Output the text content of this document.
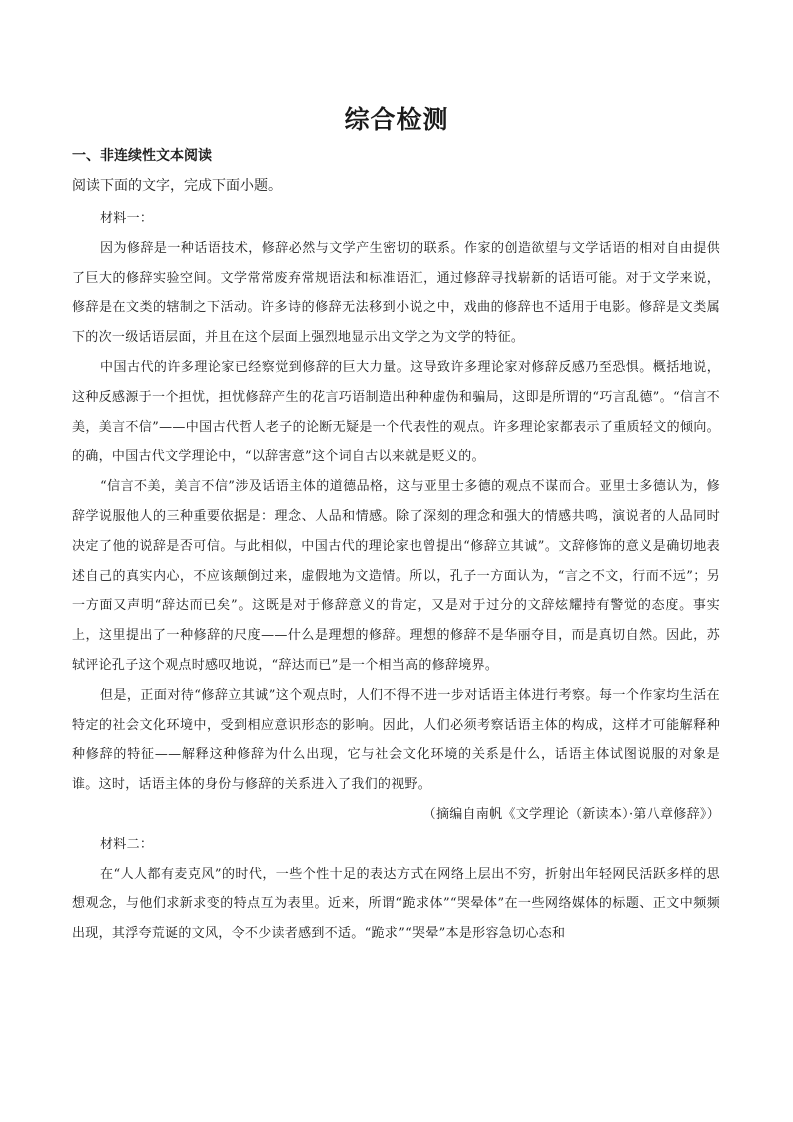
综合检测
一、非连续性文本阅读
阅读下面的文字，完成下面小题。

材料一：

因为修辞是一种话语技术，修辞必然与文学产生密切的联系。作家的创造欲望与文学话语的相对自由提供了巨大的修辞实验空间。文学常常废弃常规语法和标准语汇，通过修辞寻找崭新的话语可能。对于文学来说，修辞是在文类的辖制之下活动。许多诗的修辞无法移到小说之中，戏曲的修辞也不适用于电影。修辞是文类属下的次一级话语层面，并且在这个层面上强烈地显示出文学之为文学的特征。

中国古代的许多理论家已经察觉到修辞的巨大力量。这导致许多理论家对修辞反感乃至恐惧。概括地说，这种反感源于一个担忧，担忧修辞产生的花言巧语制造出种种虚伪和骗局，这即是所谓的“巧言乱德”。“信言不美，美言不信”——中国古代哲人老子的论断无疑是一个代表性的观点。许多理论家都表示了重质轻文的倾向。的确，中国古代文学理论中，“以辞害意”这个词自古以来就是贬义的。

“信言不美，美言不信”涉及话语主体的道德品格，这与亚里士多德的观点不谋而合。亚里士多德认为，修辞学说服他人的三种重要依据是：理念、人品和情感。除了深刻的理念和强大的情感共鸣，演说者的人品同时决定了他的说辞是否可信。与此相似，中国古代的理论家也曾提出“修辞立其诚”。文辞修饰的意义是确切地表述自己的真实内心，不应该颠倒过来，虚假地为文造情。所以，孔子一方面认为，“言之不文，行而不远”；另一方面又声明“辞达而已矣”。这既是对于修辞意义的肯定，又是对于过分的文辞炫耀持有警觉的态度。事实上，这里提出了一种修辞的尺度——什么是理想的修辞。理想的修辞不是华丽夺目，而是真切自然。因此，苏轼评论孔子这个观点时感叹地说，“辞达而已”是一个相当高的修辞境界。

但是，正面对待“修辞立其诚”这个观点时，人们不得不进一步对话语主体进行考察。每一个作家均生活在特定的社会文化环境中，受到相应意识形态的影响。因此，人们必须考察话语主体的构成，这样才可能解释种种修辞的特征——解释这种修辞为什么出现，它与社会文化环境的关系是什么，话语主体试图说服的对象是谁。这时，话语主体的身份与修辞的关系进入了我们的视野。

（摘编自南帆《文学理论（新读本）·第八章修辞》）

材料二：

在“人人都有麦克风”的时代，一些个性十足的表达方式在网络上层出不穷，折射出年轻网民活跃多样的思想观念，与他们求新求变的特点互为表里。近来，所谓“跪求体”“哭晕体”在一些网络媒体的标题、正文中频频出现，其浮夸荒诞的文风，令不少读者感到不适。“跪求”“哭晕”本是形容急切心态和
